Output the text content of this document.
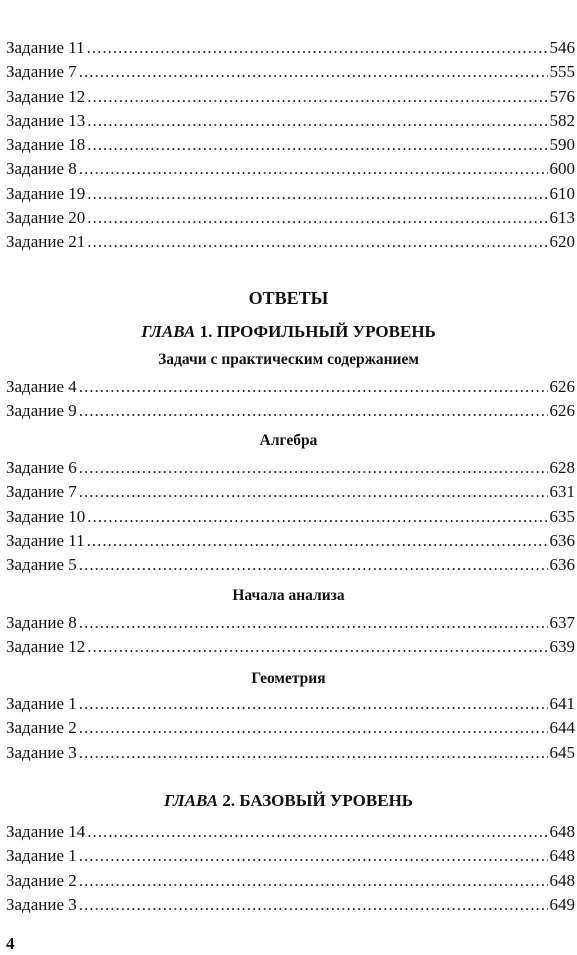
Задание 11 .....	546
Задание 7 .....	555
Задание 12 .....	576
Задание 13 .....	582
Задание 18 .....	590
Задание 8 .....	600
Задание 19 .....	610
Задание 20 .....	613
Задание 21 .....	620
ОТВЕТЫ
ГЛАВА 1. ПРОФИЛЬНЫЙ УРОВЕНЬ
Задачи с практическим содержанием
Задание 4 .....	626
Задание 9 .....	626
Алгебра
Задание 6 .....	628
Задание 7 .....	631
Задание 10 .....	635
Задание 11 .....	636
Задание 5 .....	636
Начала анализа
Задание 8 .....	637
Задание 12 .....	639
Геометрия
Задание 1 .....	641
Задание 2 .....	644
Задание 3 .....	645
ГЛАВА 2. БАЗОВЫЙ УРОВЕНЬ
Задание 14 .....	648
Задание 1 .....	648
Задание 2 .....	648
Задание 3 .....	649
4
